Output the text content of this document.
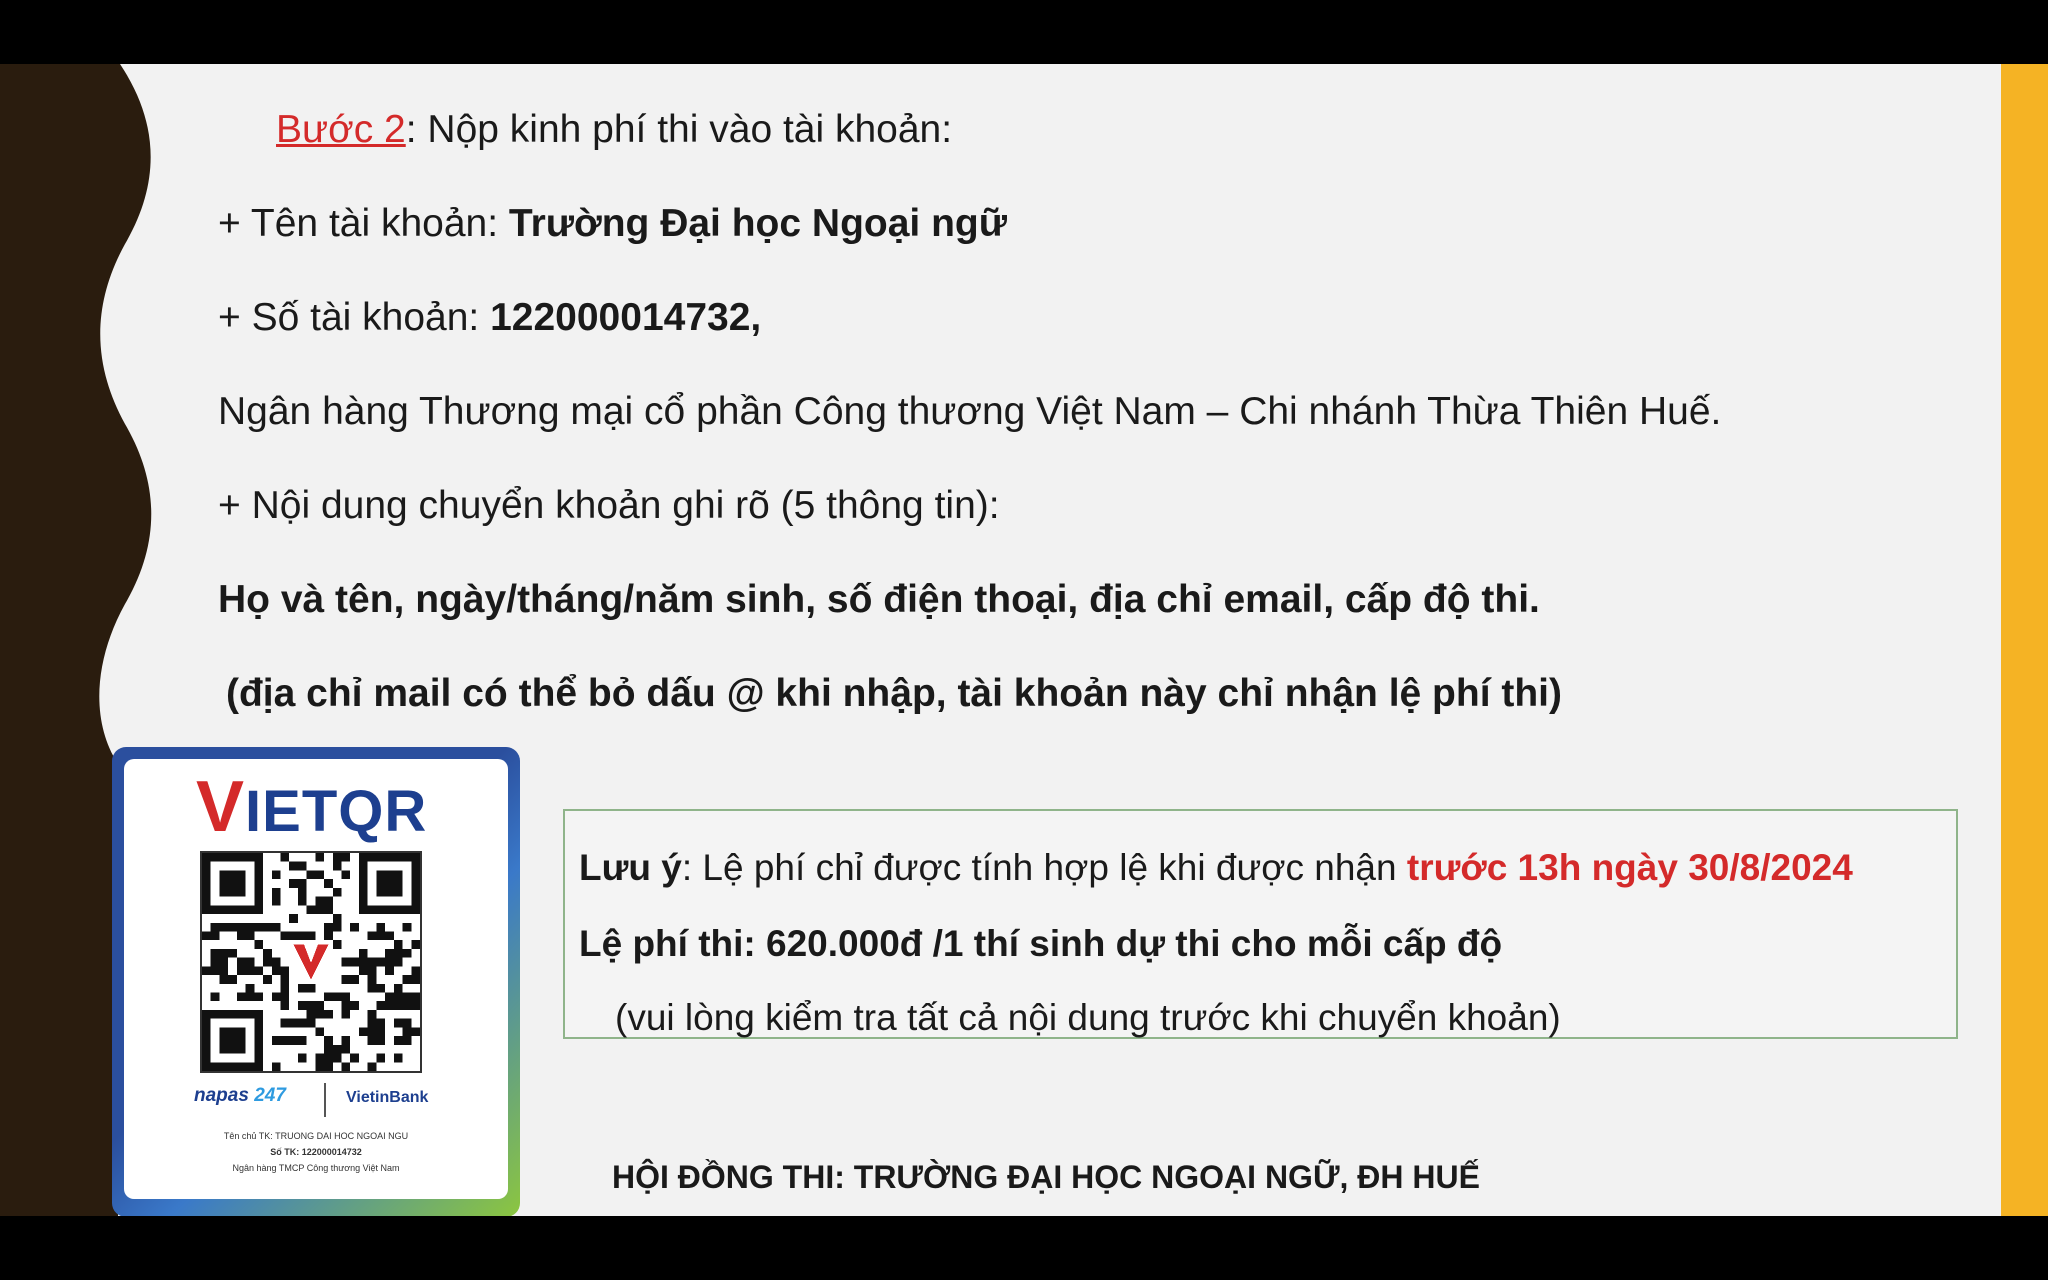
Bước 2: Nộp kinh phí thi vào tài khoản:

+ Tên tài khoản: Trường Đại học Ngoại ngữ

+ Số tài khoản: 122000014732,

Ngân hàng Thương mại cổ phần Công thương Việt Nam – Chi nhánh Thừa Thiên Huế.

+ Nội dung chuyển khoản ghi rõ (5 thông tin):

Họ và tên, ngày/tháng/năm sinh, số điện thoại, địa chỉ email, cấp độ thi.

(địa chỉ mail có thể bỏ dấu @ khi nhập, tài khoản này chỉ nhận lệ phí thi)

VIETQR

napas 247	VietinBank

Tên chủ TK: TRUONG DAI HOC NGOAI NGU

Số TK: 122000014732

Ngân hàng TMCP Công thương Việt Nam

Lưu ý: Lệ phí chỉ được tính hợp lệ khi được nhận trước 13h ngày 30/8/2024

Lệ phí thi: 620.000đ /1 thí sinh dự thi cho mỗi cấp độ

(vui lòng kiểm tra tất cả nội dung trước khi chuyển khoản)

HỘI ĐỒNG THI: TRƯỜNG ĐẠI HỌC NGOẠI NGỮ, ĐH HUẾ
